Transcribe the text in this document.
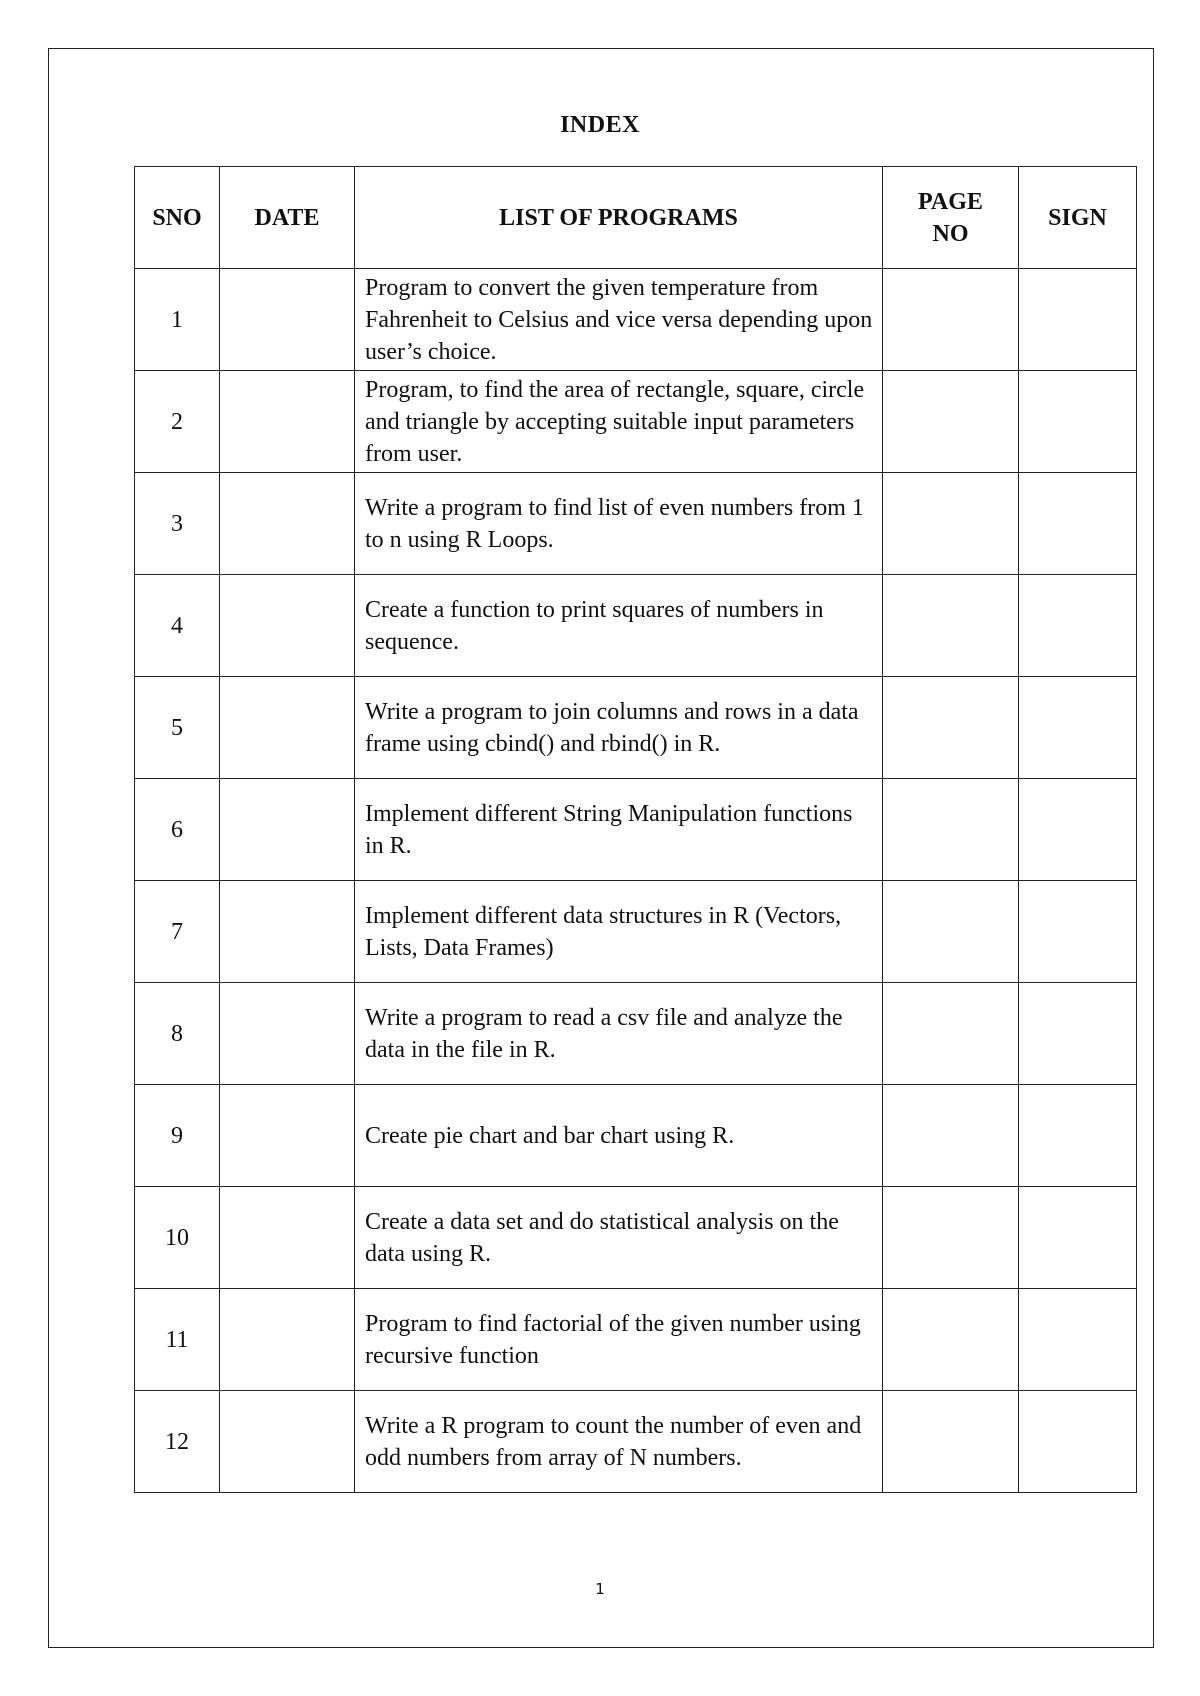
INDEX
SNO	DATE	LIST OF PROGRAMS	PAGE NO	SIGN
1		Program to convert the given temperature from Fahrenheit to Celsius and vice versa depending upon user’s choice.		
2		Program, to find the area of rectangle, square, circle and triangle by accepting suitable input parameters from user.		
3		Write a program to find list of even numbers from 1 to n using R Loops.		
4		Create a function to print squares of numbers in sequence.		
5		Write a program to join columns and rows in a data frame using cbind() and rbind() in R.		
6		Implement different String Manipulation functions in R.		
7		Implement different data structures in R (Vectors, Lists, Data Frames)		
8		Write a program to read a csv file and analyze the data in the file in R.		
9		Create pie chart and bar chart using R.		
10		Create a data set and do statistical analysis on the data using R.		
11		Program to find factorial of the given number using recursive function		
12		Write a R program to count the number of even and odd numbers from array of N numbers.		
1
